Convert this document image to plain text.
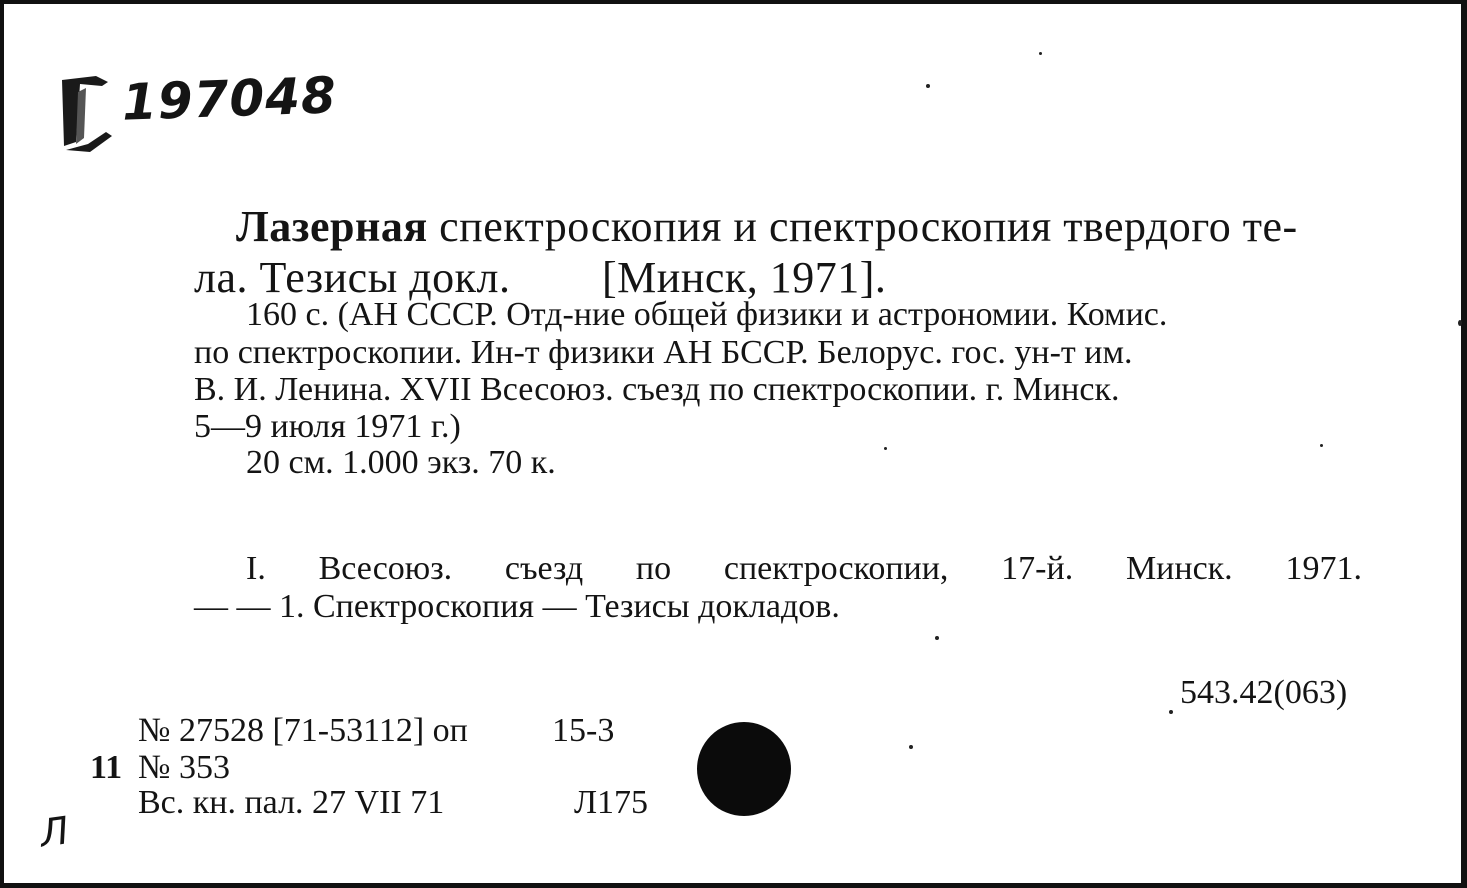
197048
Лазерная спектроскопия и спектроскопия твердого те-
ла. Тезисы докл. [Минск, 1971].
160 с. (АН СССР. Отд-ние общей физики и астрономии. Комис.
по спектроскопии. Ин-т физики АН БССР. Белорус. гос. ун-т им.
В. И. Ленина. XVII Всесоюз. съезд по спектроскопии. г. Минск.
5—9 июля 1971 г.)
20 см. 1.000 экз. 70 к.
I. Всесоюз. съезд по спектроскопии, 17-й. Минск. 1971.
— — 1. Спектроскопия — Тезисы докладов.
543.42(063)
№ 27528 [71-53112] оп 15-3
11 № 353
Вс. кн. пал. 27 VII 71	Л175
Л
